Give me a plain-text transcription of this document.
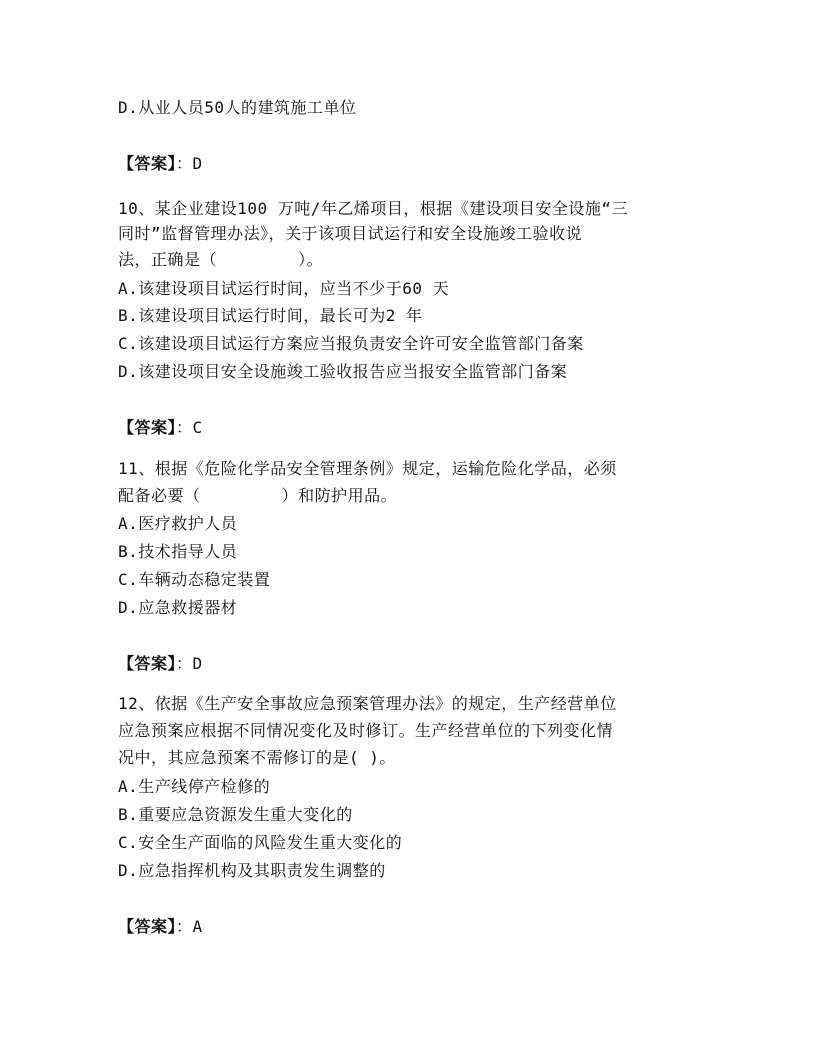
D.从业人员50人的建筑施工单位
【答案】：D
10、某企业建设100 万吨/年乙烯项目，根据《建设项目安全设施“三
同时”监督管理办法》，关于该项目试运行和安全设施竣工验收说
法，正确是（        ）。
A.该建设项目试运行时间，应当不少于60 天
B.该建设项目试运行时间，最长可为2 年
C.该建设项目试运行方案应当报负责安全许可安全监管部门备案
D.该建设项目安全设施竣工验收报告应当报安全监管部门备案
【答案】：C
11、根据《危险化学品安全管理条例》规定，运输危险化学品，必须
配备必要（        ）和防护用品。
A.医疗救护人员
B.技术指导人员
C.车辆动态稳定装置
D.应急救援器材
【答案】：D
12、依据《生产安全事故应急预案管理办法》的规定，生产经营单位
应急预案应根据不同情况变化及时修订。生产经营单位的下列变化情
况中，其应急预案不需修订的是( )。
A.生产线停产检修的
B.重要应急资源发生重大变化的
C.安全生产面临的风险发生重大变化的
D.应急指挥机构及其职责发生调整的
【答案】：A
